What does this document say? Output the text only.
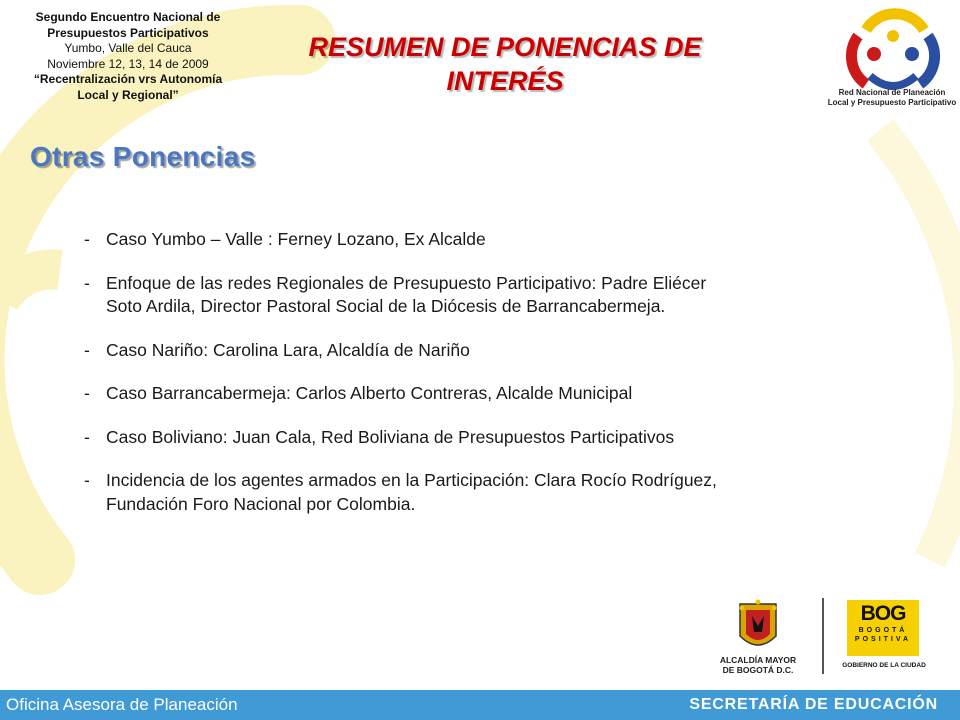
Segundo Encuentro Nacional de
Presupuestos Participativos
Yumbo, Valle del Cauca
Noviembre 12, 13, 14 de 2009
“Recentralización vrs Autonomía
Local y Regional”
RESUMEN DE PONENCIAS DE
INTERÉS	Red Nacional de Planeación
Local y Presupuesto Participativo
Otras Ponencias
- Caso Yumbo – Valle : Ferney Lozano, Ex Alcalde
- Enfoque de las redes Regionales de Presupuesto Participativo: Padre Eliécer
Soto Ardila, Director Pastoral Social de la Diócesis de Barrancabermeja.
- Caso Nariño: Carolina Lara, Alcaldía de Nariño
- Caso Barrancabermeja: Carlos Alberto Contreras, Alcalde Municipal
- Caso Boliviano: Juan Cala, Red Boliviana de Presupuestos Participativos
- Incidencia de los agentes armados en la Participación: Clara Rocío Rodríguez,
Fundación Foro Nacional por Colombia.
ALCALDÍA MAYOR
DE BOGOTÁ D.C.
BOG
BOGOTÁ
POSITIVA
GOBIERNO DE LA CIUDAD
Oficina Asesora de Planeación	SECRETARÍA DE EDUCACIÓN
